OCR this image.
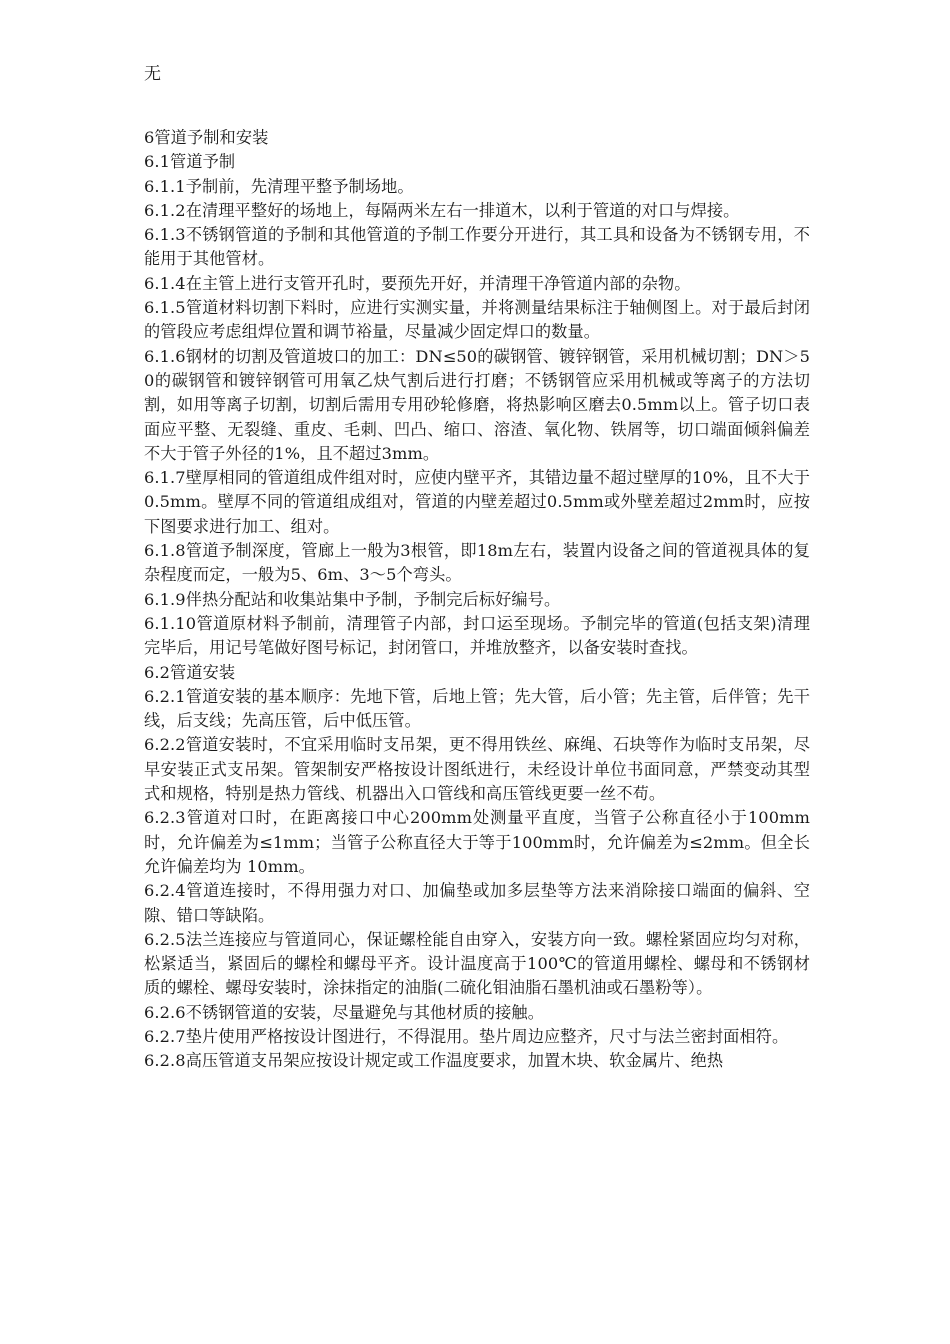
无

6管道予制和安装

6.1管道予制

6.1.1予制前，先清理平整予制场地。

6.1.2在清理平整好的场地上，每隔两米左右一排道木，以利于管道的对口与焊接。

6.1.3不锈钢管道的予制和其他管道的予制工作要分开进行，其工具和设备为不锈钢专用，不能用于其他管材。

6.1.4在主管上进行支管开孔时，要预先开好，并清理干净管道内部的杂物。

6.1.5管道材料切割下料时，应进行实测实量，并将测量结果标注于轴侧图上。对于最后封闭的管段应考虑组焊位置和调节裕量，尽量减少固定焊口的数量。

6.1.6钢材的切割及管道坡口的加工：DN≤50的碳钢管、镀锌钢管，采用机械切割；DN＞50的碳钢管和镀锌钢管可用氧乙炔气割后进行打磨；不锈钢管应采用机械或等离子的方法切割，如用等离子切割，切割后需用专用砂轮修磨，将热影响区磨去0.5mm以上。管子切口表面应平整、无裂缝、重皮、毛刺、凹凸、缩口、溶渣、氧化物、铁屑等，切口端面倾斜偏差不大于管子外径的1%，且不超过3mm。

6.1.7壁厚相同的管道组成件组对时，应使内壁平齐，其错边量不超过壁厚的10%，且不大于0.5mm。壁厚不同的管道组成组对，管道的内壁差超过0.5mm或外壁差超过2mm时，应按下图要求进行加工、组对。

6.1.8管道予制深度，管廊上一般为3根管，即18m左右，装置内设备之间的管道视具体的复杂程度而定，一般为5、6m、3～5个弯头。

6.1.9伴热分配站和收集站集中予制，予制完后标好编号。

6.1.10管道原材料予制前，清理管子内部，封口运至现场。予制完毕的管道(包括支架)清理完毕后，用记号笔做好图号标记，封闭管口，并堆放整齐，以备安装时查找。

6.2管道安装

6.2.1管道安装的基本顺序：先地下管，后地上管；先大管，后小管；先主管，后伴管；先干线，后支线；先高压管，后中低压管。

6.2.2管道安装时，不宜采用临时支吊架，更不得用铁丝、麻绳、石块等作为临时支吊架，尽早安装正式支吊架。管架制安严格按设计图纸进行，未经设计单位书面同意，严禁变动其型式和规格，特别是热力管线、机器出入口管线和高压管线更要一丝不苟。

6.2.3管道对口时，在距离接口中心200mm处测量平直度，当管子公称直径小于100mm时，允许偏差为≤1mm；当管子公称直径大于等于100mm时，允许偏差为≤2mm。但全长允许偏差均为 10mm。

6.2.4管道连接时，不得用强力对口、加偏垫或加多层垫等方法来消除接口端面的偏斜、空隙、错口等缺陷。

6.2.5法兰连接应与管道同心，保证螺栓能自由穿入，安装方向一致。螺栓紧固应均匀对称，松紧适当，紧固后的螺栓和螺母平齐。设计温度高于100℃的管道用螺栓、螺母和不锈钢材质的螺栓、螺母安装时，涂抹指定的油脂(二硫化钼油脂石墨机油或石墨粉等）。

6.2.6不锈钢管道的安装，尽量避免与其他材质的接触。

6.2.7垫片使用严格按设计图进行，不得混用。垫片周边应整齐，尺寸与法兰密封面相符。

6.2.8高压管道支吊架应按设计规定或工作温度要求，加置木块、软金属片、绝热
